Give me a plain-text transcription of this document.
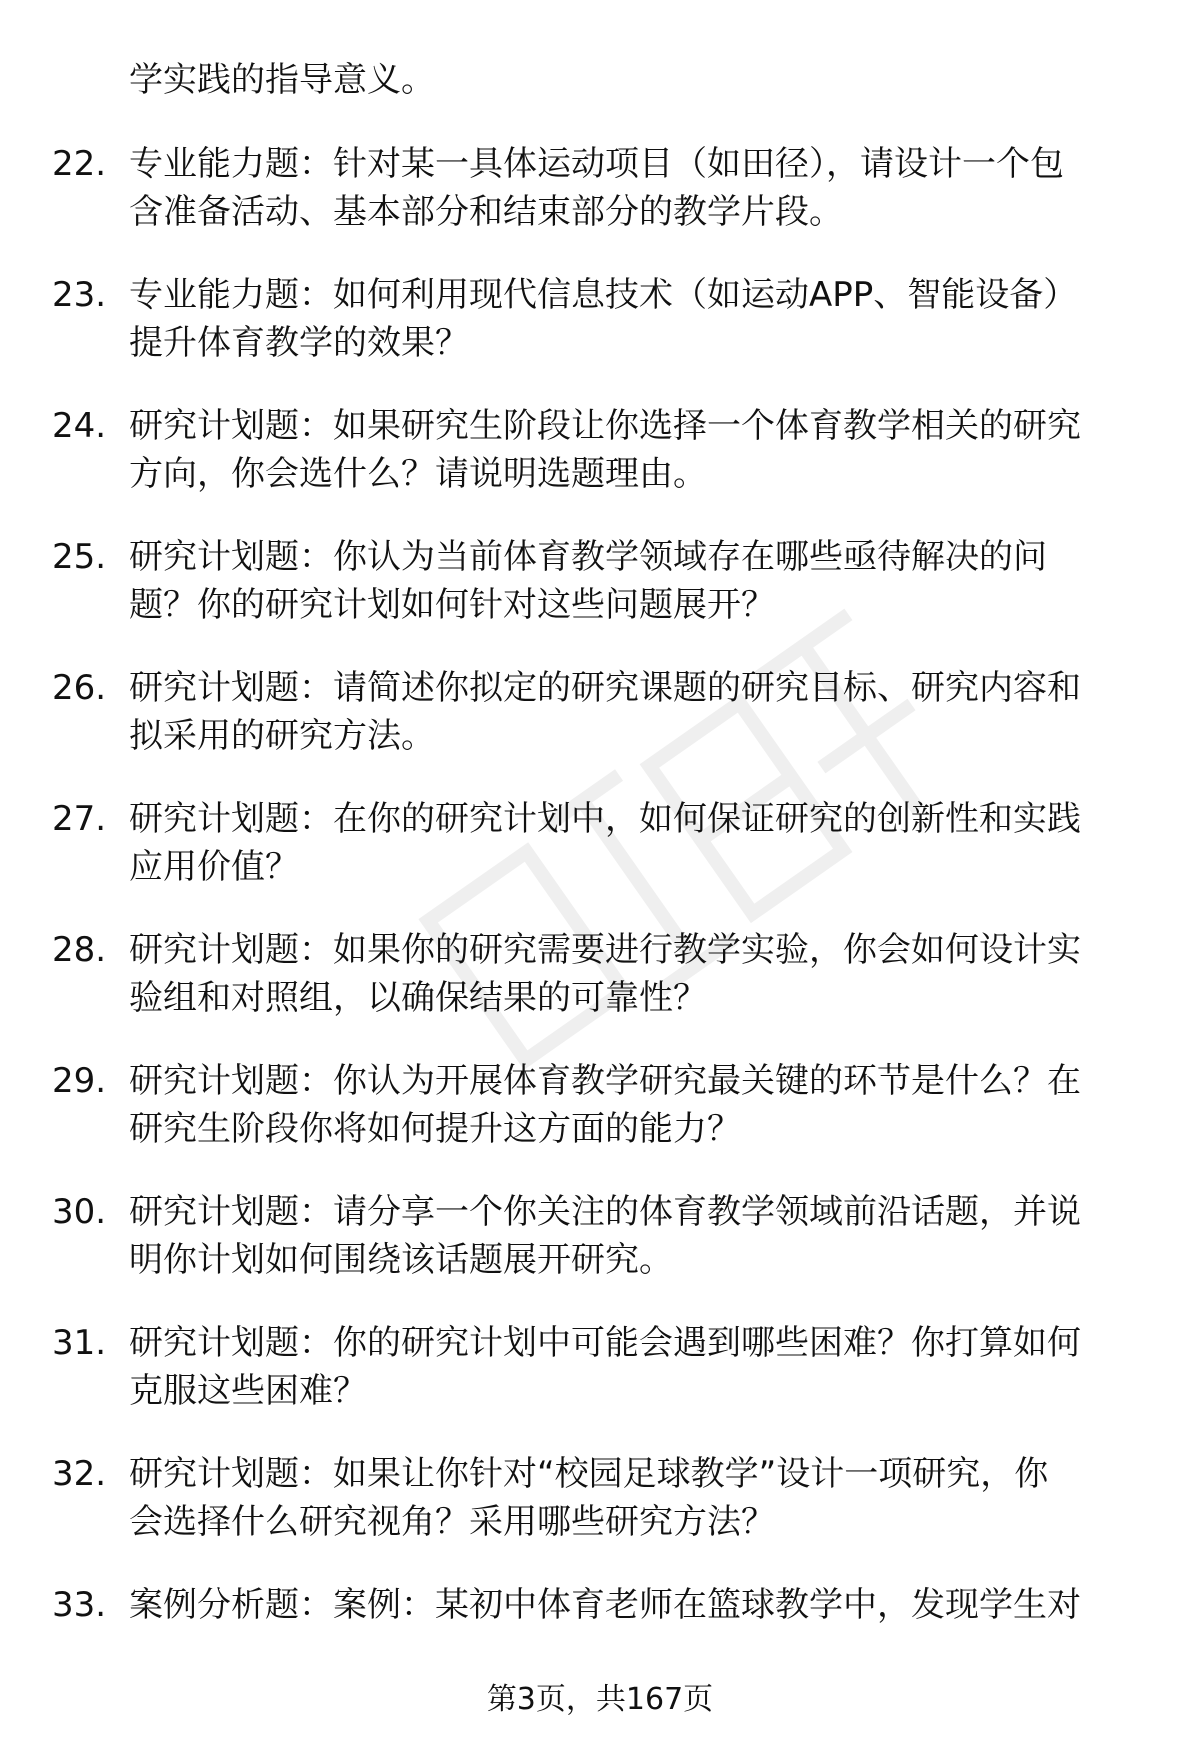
学实践的指导意义。
22. 专业能力题：针对某一具体运动项目（如田径），请设计一个包
含准备活动、基本部分和结束部分的教学片段。
23. 专业能力题：如何利用现代信息技术（如运动APP、智能设备）
提升体育教学的效果？
24. 研究计划题：如果研究生阶段让你选择一个体育教学相关的研究
方向，你会选什么？请说明选题理由。
25. 研究计划题：你认为当前体育教学领域存在哪些亟待解决的问
题？你的研究计划如何针对这些问题展开？
26. 研究计划题：请简述你拟定的研究课题的研究目标、研究内容和
拟采用的研究方法。
27. 研究计划题：在你的研究计划中，如何保证研究的创新性和实践
应用价值？
28. 研究计划题：如果你的研究需要进行教学实验，你会如何设计实
验组和对照组，以确保结果的可靠性？
29. 研究计划题：你认为开展体育教学研究最关键的环节是什么？在
研究生阶段你将如何提升这方面的能力？
30. 研究计划题：请分享一个你关注的体育教学领域前沿话题，并说
明你计划如何围绕该话题展开研究。
31. 研究计划题：你的研究计划中可能会遇到哪些困难？你打算如何
克服这些困难？
32. 研究计划题：如果让你针对“校园足球教学”设计一项研究，你
会选择什么研究视角？采用哪些研究方法？
33. 案例分析题：案例：某初中体育老师在篮球教学中，发现学生对
第3页，共167页
